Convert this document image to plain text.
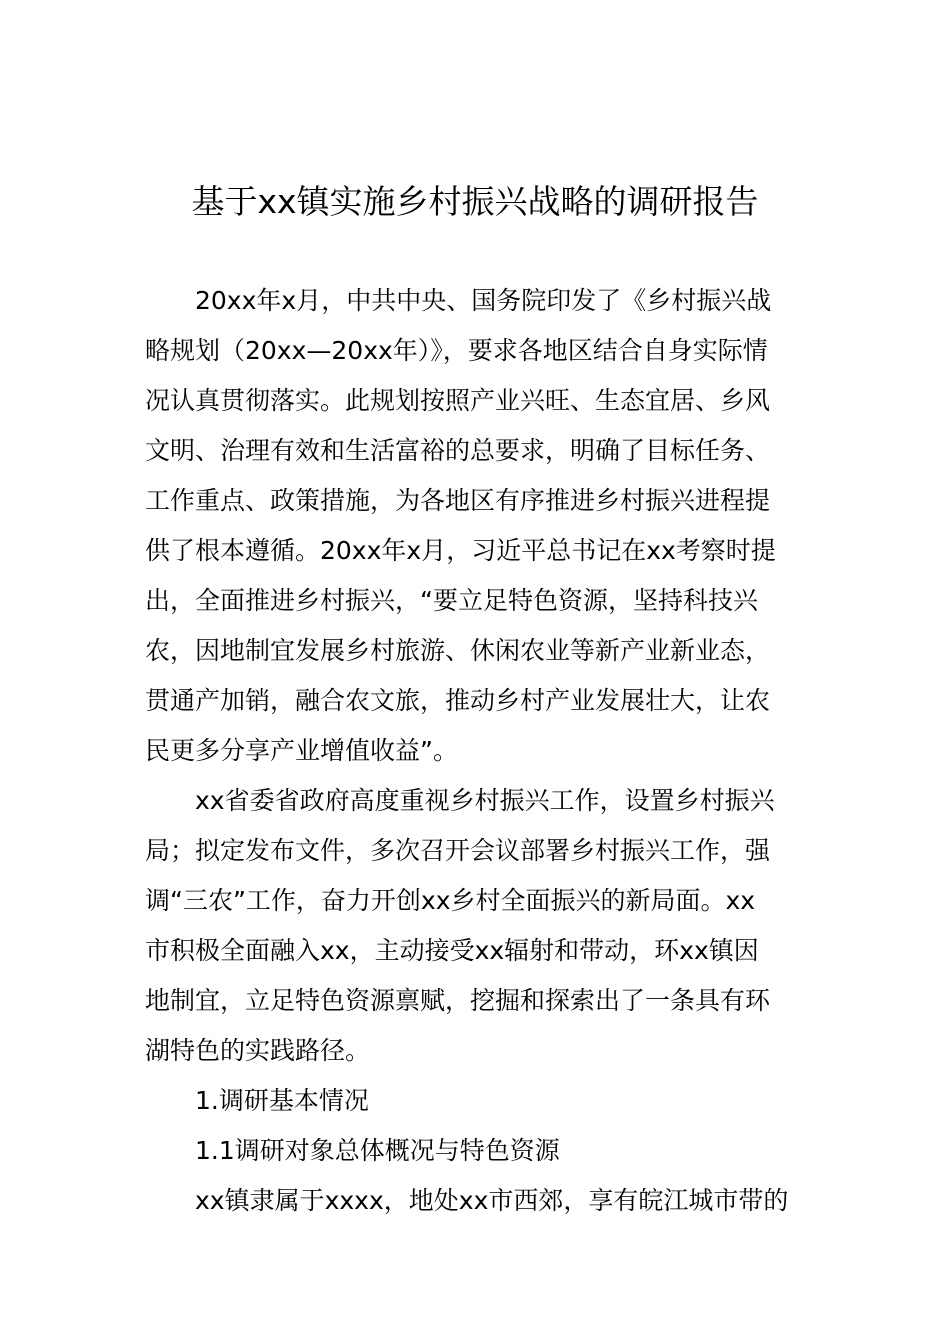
基于xx镇实施乡村振兴战略的调研报告
20xx年x月，中共中央、国务院印发了《乡村振兴战
略规划（20xx—20xx年）》，要求各地区结合自身实际情
况认真贯彻落实。此规划按照产业兴旺、生态宜居、乡风
文明、治理有效和生活富裕的总要求，明确了目标任务、
工作重点、政策措施，为各地区有序推进乡村振兴进程提
供了根本遵循。20xx年x月，习近平总书记在xx考察时提
出，全面推进乡村振兴，“要立足特色资源，坚持科技兴
农，因地制宜发展乡村旅游、休闲农业等新产业新业态，
贯通产加销，融合农文旅，推动乡村产业发展壮大，让农
民更多分享产业增值收益”。
xx省委省政府高度重视乡村振兴工作，设置乡村振兴
局；拟定发布文件，多次召开会议部署乡村振兴工作，强
调“三农”工作，奋力开创xx乡村全面振兴的新局面。xx
市积极全面融入xx，主动接受xx辐射和带动，环xx镇因
地制宜，立足特色资源禀赋，挖掘和探索出了一条具有环
湖特色的实践路径。
1.调研基本情况
1.1调研对象总体概况与特色资源
xx镇隶属于xxxx，地处xx市西郊，享有皖江城市带的
